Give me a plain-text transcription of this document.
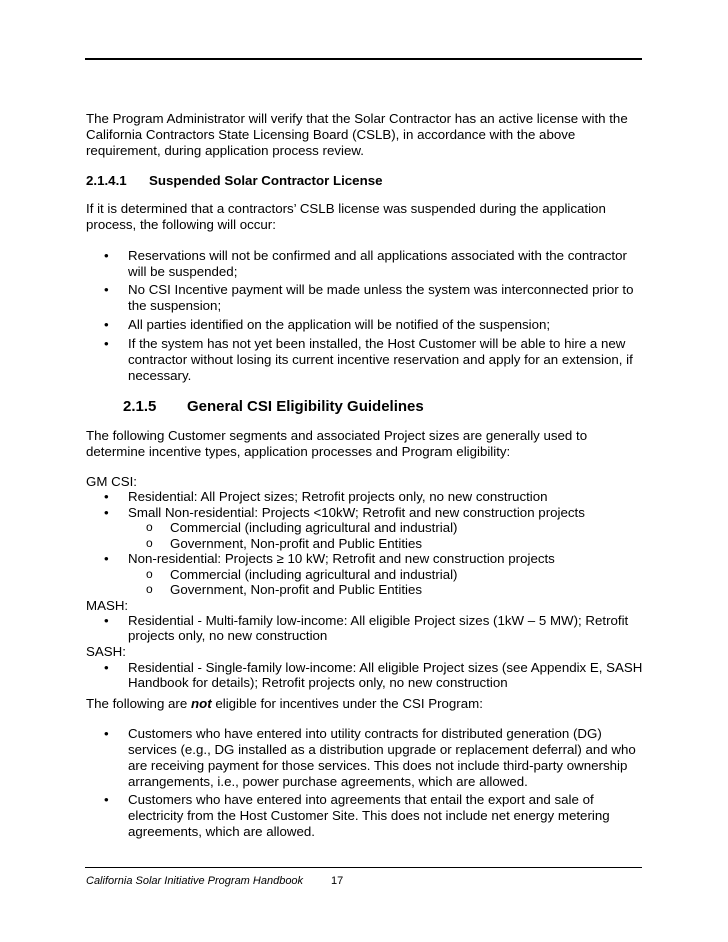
The Program Administrator will verify that the Solar Contractor has an active license with the California Contractors State Licensing Board (CSLB), in accordance with the above requirement, during application process review.

2.1.4.1 Suspended Solar Contractor License

If it is determined that a contractors’ CSLB license was suspended during the application process, the following will occur:

•	Reservations will not be confirmed and all applications associated with the contractor will be suspended;
•	No CSI Incentive payment will be made unless the system was interconnected prior to the suspension;
•	All parties identified on the application will be notified of the suspension;
•	If the system has not yet been installed, the Host Customer will be able to hire a new contractor without losing its current incentive reservation and apply for an extension, if necessary.
2.1.5 General CSI Eligibility Guidelines

The following Customer segments and associated Project sizes are generally used to determine incentive types, application processes and Program eligibility:

GM CSI:

•	Residential: All Project sizes; Retrofit projects only, no new construction
•	Small Non-residential: Projects <10kW; Retrofit and new construction projects
o Commercial (including agricultural and industrial)
o Government, Non-profit and Public Entities
•	Non-residential: Projects ≥ 10 kW; Retrofit and new construction projects
o Commercial (including agricultural and industrial)
o Government, Non-profit and Public Entities

MASH:

•	Residential - Multi-family low-income: All eligible Project sizes (1kW – 5 MW); Retrofit projects only, no new construction

SASH:

•	Residential - Single-family low-income: All eligible Project sizes (see Appendix E, SASH Handbook for details); Retrofit projects only, no new construction

The following are not eligible for incentives under the CSI Program:

•	Customers who have entered into utility contracts for distributed generation (DG) services (e.g., DG installed as a distribution upgrade or replacement deferral) and who are receiving payment for those services. This does not include third-party ownership arrangements, i.e., power purchase agreements, which are allowed.
•	Customers who have entered into agreements that entail the export and sale of electricity from the Host Customer Site. This does not include net energy metering agreements, which are allowed.
California Solar Initiative Program Handbook	17
